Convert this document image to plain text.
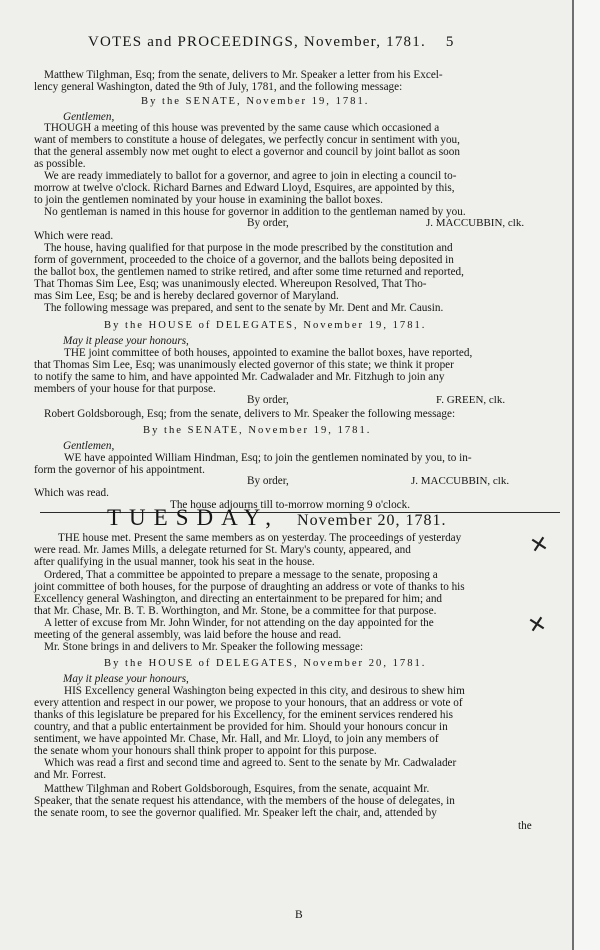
VOTES and PROCEEDINGS, November, 1781. 5
Matthew Tilghman, Esq; from the senate, delivers to Mr. Speaker a letter from his Excel-
lency general Washington, dated the 9th of July, 1781, and the following message:
By the SENATE, November 19, 1781.
Gentlemen,
THOUGH a meeting of this house was prevented by the same cause which occasioned a
want of members to constitute a house of delegates, we perfectly concur in sentiment with you,
that the general assembly now met ought to elect a governor and council by joint ballot as soon
as possible.
We are ready immediately to ballot for a governor, and agree to join in electing a council to-
morrow at twelve o'clock. Richard Barnes and Edward Lloyd, Esquires, are appointed by this,
to join the gentlemen nominated by your house in examining the ballot boxes.
No gentleman is named in this house for governor in addition to the gentleman named by you.
By order,	J. MACCUBBIN, clk.
Which were read.
The house, having qualified for that purpose in the mode prescribed by the constitution and
form of government, proceeded to the choice of a governor, and the ballots being deposited in
the ballot box, the gentlemen named to strike retired, and after some time returned and reported,
That Thomas Sim Lee, Esq; was unanimously elected. Whereupon Resolved, That Tho-
mas Sim Lee, Esq; be and is hereby declared governor of Maryland.
The following message was prepared, and sent to the senate by Mr. Dent and Mr. Causin.
By the HOUSE of DELEGATES, November 19, 1781.
May it please your honours,
THE joint committee of both houses, appointed to examine the ballot boxes, have reported,
that Thomas Sim Lee, Esq; was unanimously elected governor of this state; we think it proper
to notify the same to him, and have appointed Mr. Cadwalader and Mr. Fitzhugh to join any
members of your house for that purpose.
By order,	F. GREEN, clk.
Robert Goldsborough, Esq; from the senate, delivers to Mr. Speaker the following message:
By the SENATE, November 19, 1781.
Gentlemen,
WE have appointed William Hindman, Esq; to join the gentlemen nominated by you, to in-
form the governor of his appointment.
By order,	J. MACCUBBIN, clk.
Which was read.
The house adjourns till to-morrow morning 9 o'clock.
TUESDAY, November 20, 1781.
THE house met. Present the same members as on yesterday. The proceedings of yesterday
were read. Mr. James Mills, a delegate returned for St. Mary's county, appeared, and
after qualifying in the usual manner, took his seat in the house.
Ordered, That a committee be appointed to prepare a message to the senate, proposing a
joint committee of both houses, for the purpose of draughting an address or vote of thanks to his
Excellency general Washington, and directing an entertainment to be prepared for him; and
that Mr. Chase, Mr. B. T. B. Worthington, and Mr. Stone, be a committee for that purpose.
A letter of excuse from Mr. John Winder, for not attending on the day appointed for the
meeting of the general assembly, was laid before the house and read.
Mr. Stone brings in and delivers to Mr. Speaker the following message:
By the HOUSE of DELEGATES, November 20, 1781.
May it please your honours,
HIS Excellency general Washington being expected in this city, and desirous to shew him
every attention and respect in our power, we propose to your honours, that an address or vote of
thanks of this legislature be prepared for his Excellency, for the eminent services rendered his
country, and that a public entertainment be provided for him. Should your honours concur in
sentiment, we have appointed Mr. Chase, Mr. Hall, and Mr. Lloyd, to join any members of
the senate whom your honours shall think proper to appoint for this purpose.
Which was read a first and second time and agreed to. Sent to the senate by Mr. Cadwalader
and Mr. Forrest.
Matthew Tilghman and Robert Goldsborough, Esquires, from the senate, acquaint Mr.
Speaker, that the senate request his attendance, with the members of the house of delegates, in
the senate room, to see the governor qualified. Mr. Speaker left the chair, and, attended by
the
B
✕
✕
